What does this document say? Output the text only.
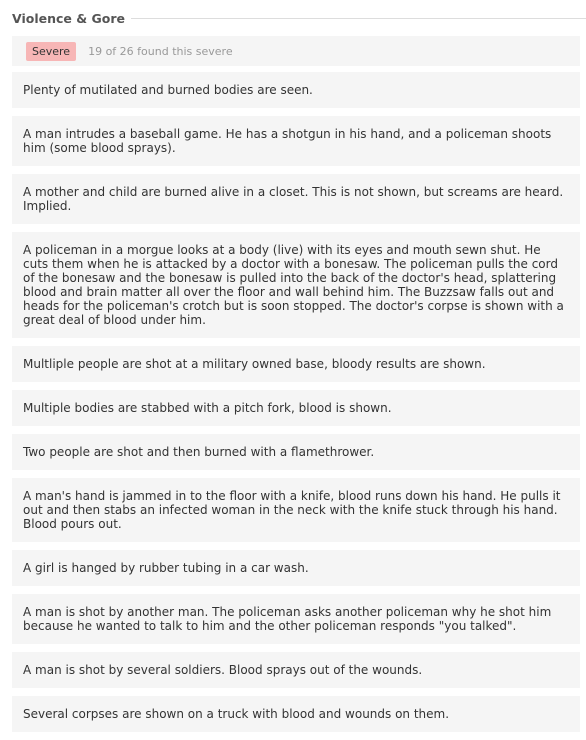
Violence & Gore
Severe	19 of 26 found this severe
Plenty of mutilated and burned bodies are seen.
A man intrudes a baseball game. He has a shotgun in his hand, and a policeman shoots him (some blood sprays).
A mother and child are burned alive in a closet. This is not shown, but screams are heard. Implied.
A policeman in a morgue looks at a body (live) with its eyes and mouth sewn shut. He cuts them when he is attacked by a doctor with a bonesaw. The policeman pulls the cord of the bonesaw and the bonesaw is pulled into the back of the doctor's head, splattering blood and brain matter all over the floor and wall behind him. The Buzzsaw falls out and heads for the policeman's crotch but is soon stopped. The doctor's corpse is shown with a great deal of blood under him.
Multliple people are shot at a military owned base, bloody results are shown.
Multiple bodies are stabbed with a pitch fork, blood is shown.
Two people are shot and then burned with a flamethrower.
A man's hand is jammed in to the floor with a knife, blood runs down his hand. He pulls it out and then stabs an infected woman in the neck with the knife stuck through his hand. Blood pours out.
A girl is hanged by rubber tubing in a car wash.
A man is shot by another man. The policeman asks another policeman why he shot him because he wanted to talk to him and the other policeman responds "you talked".
A man is shot by several soldiers. Blood sprays out of the wounds.
Several corpses are shown on a truck with blood and wounds on them.
